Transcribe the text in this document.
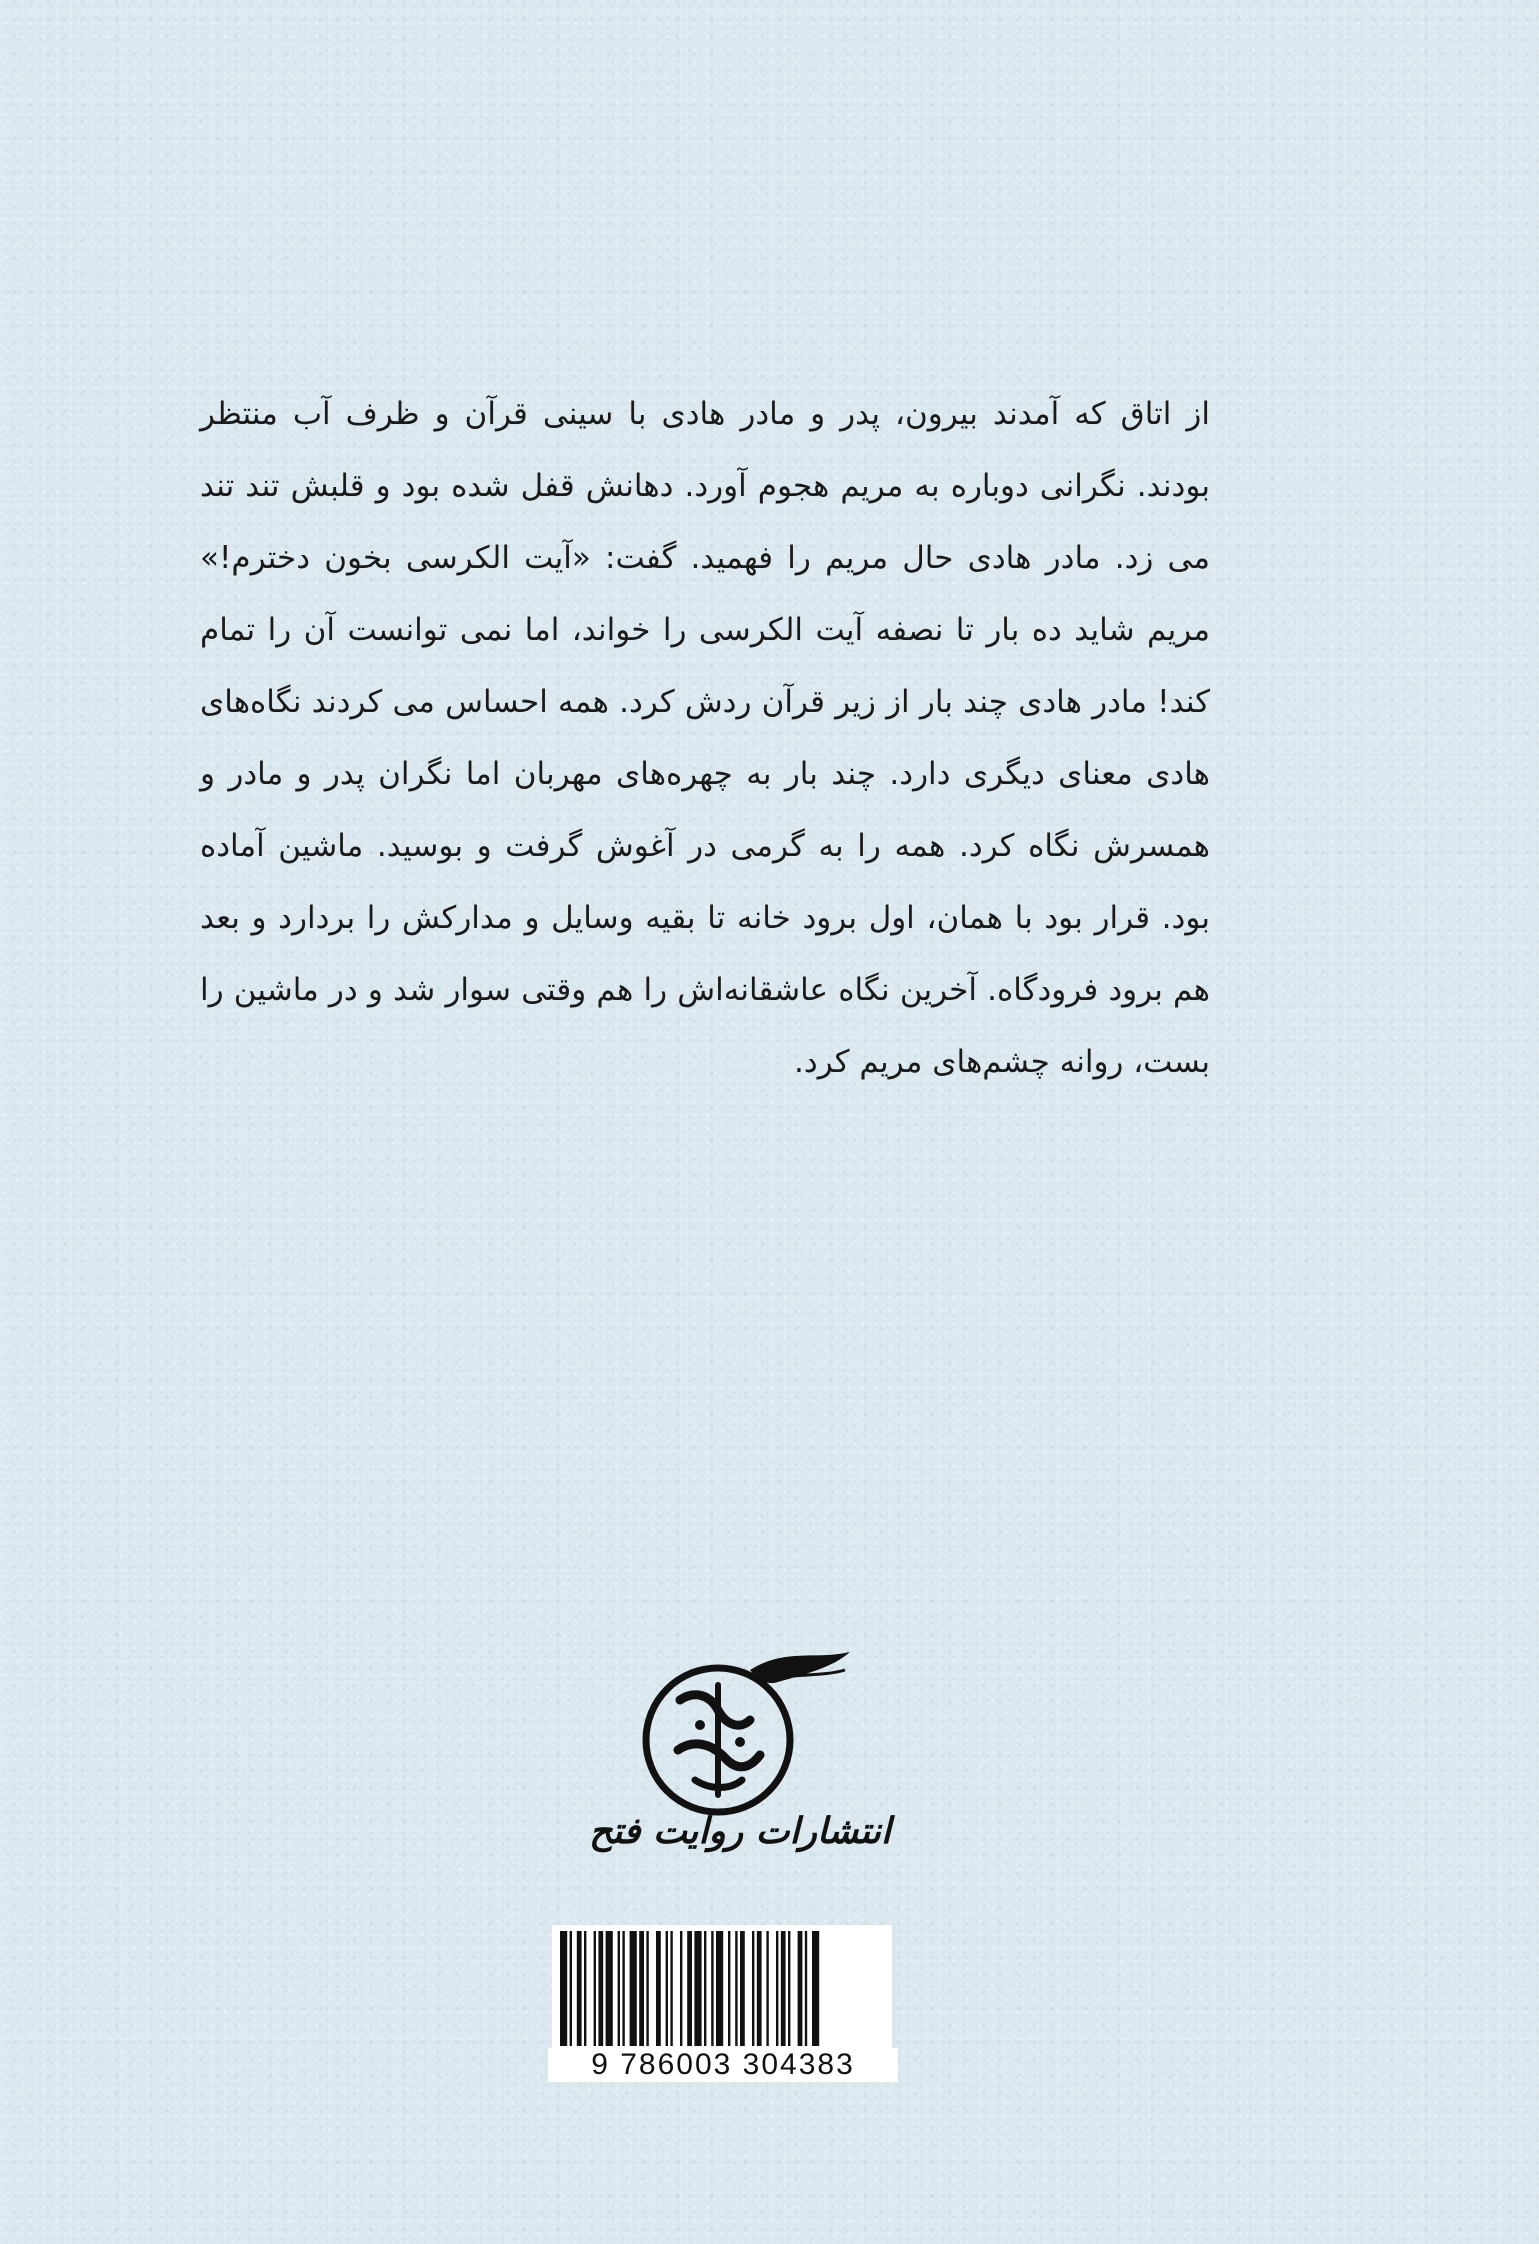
از اتاق که آمدند بیرون، پدر و مادر هادی با سینی قرآن و ظرف آب منتظر بودند. نگرانی دوباره به مریم هجوم آورد. دهانش قفل شده بود و قلبش تند تند می زد. مادر هادی حال مریم را فهمید. گفت: «آیت الکرسی بخون دخترم!» مریم شاید ده بار تا نصفه آیت الکرسی را خواند، اما نمی توانست آن را تمام کند! مادر هادی چند بار از زیر قرآن ردش کرد. همه احساس می کردند نگاه‌های هادی معنای دیگری دارد. چند بار به چهره‌های مهربان اما نگران پدر و مادر و همسرش نگاه کرد. همه را به گرمی در آغوش گرفت و بوسید. ماشین آماده بود. قرار بود با همان، اول برود خانه تا بقیه وسایل و مدارکش را بردارد و بعد هم برود فرودگاه. آخرین نگاه عاشقانه‌اش را هم وقتی سوار شد و در ماشین را بست، روانه چشم‌های مریم کرد.

انتشارات روایت فتح
9 786003 304383
